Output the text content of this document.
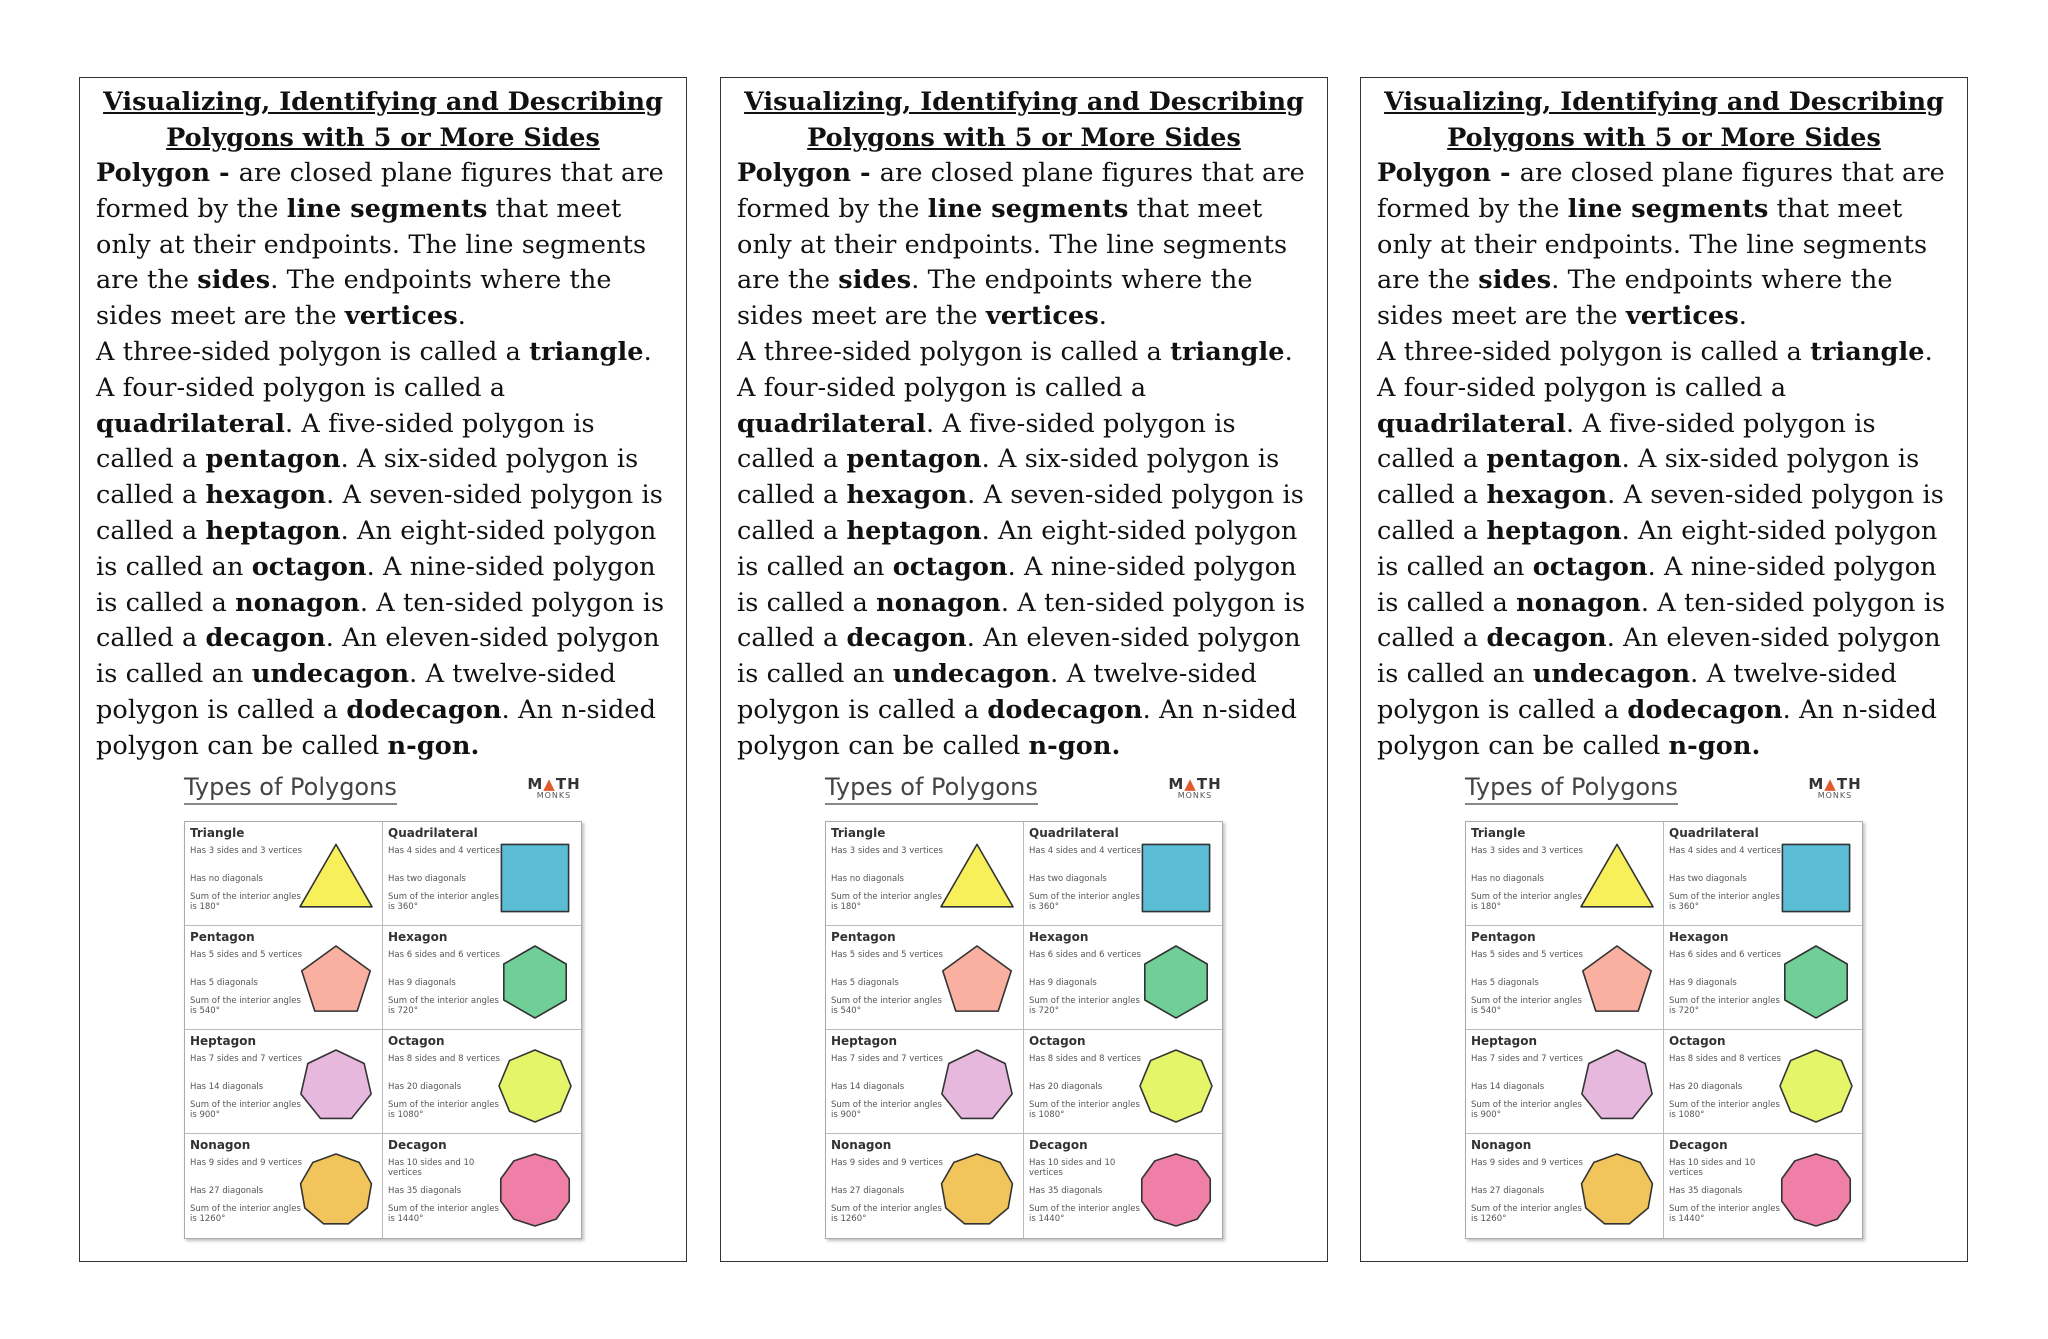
Visualizing, Identifying and Describing
Polygons with 5 or More Sides
Polygon - are closed plane figures that are formed by the line segments that meet only at their endpoints. The line segments are the sides. The endpoints where the sides meet are the vertices.
A three-sided polygon is called a triangle. A four-sided polygon is called a quadrilateral. A five-sided polygon is called a pentagon. A six-sided polygon is called a hexagon. A seven-sided polygon is called a heptagon. An eight-sided polygon is called an octagon. A nine-sided polygon is called a nonagon. A ten-sided polygon is called a decagon. An eleven-sided polygon is called an undecagon. A twelve-sided polygon is called a dodecagon. An n-sided polygon can be called n-gon.
Types of Polygons	M▲TH
MONKS
Triangle
Has 3 sides and 3 vertices
Has no diagonals
Sum of the interior angles is 180°
Quadrilateral
Has 4 sides and 4 vertices
Has two diagonals
Sum of the interior angles is 360°
Pentagon
Has 5 sides and 5 vertices
Has 5 diagonals
Sum of the interior angles is 540°
Hexagon
Has 6 sides and 6 vertices
Has 9 diagonals
Sum of the interior angles is 720°
Heptagon
Has 7 sides and 7 vertices
Has 14 diagonals
Sum of the interior angles is 900°
Octagon
Has 8 sides and 8 vertices
Has 20 diagonals
Sum of the interior angles is 1080°
Nonagon
Has 9 sides and 9 vertices
Has 27 diagonals
Sum of the interior angles is 1260°
Decagon
Has 10 sides and 10 vertices
Has 35 diagonals
Sum of the interior angles is 1440°
Visualizing, Identifying and Describing
Polygons with 5 or More Sides
Polygon - are closed plane figures that are formed by the line segments that meet only at their endpoints. The line segments are the sides. The endpoints where the sides meet are the vertices.
A three-sided polygon is called a triangle. A four-sided polygon is called a quadrilateral. A five-sided polygon is called a pentagon. A six-sided polygon is called a hexagon. A seven-sided polygon is called a heptagon. An eight-sided polygon is called an octagon. A nine-sided polygon is called a nonagon. A ten-sided polygon is called a decagon. An eleven-sided polygon is called an undecagon. A twelve-sided polygon is called a dodecagon. An n-sided polygon can be called n-gon.
Types of Polygons	M▲TH
MONKS
Triangle
Has 3 sides and 3 vertices
Has no diagonals
Sum of the interior angles is 180°
Quadrilateral
Has 4 sides and 4 vertices
Has two diagonals
Sum of the interior angles is 360°
Pentagon
Has 5 sides and 5 vertices
Has 5 diagonals
Sum of the interior angles is 540°
Hexagon
Has 6 sides and 6 vertices
Has 9 diagonals
Sum of the interior angles is 720°
Heptagon
Has 7 sides and 7 vertices
Has 14 diagonals
Sum of the interior angles is 900°
Octagon
Has 8 sides and 8 vertices
Has 20 diagonals
Sum of the interior angles is 1080°
Nonagon
Has 9 sides and 9 vertices
Has 27 diagonals
Sum of the interior angles is 1260°
Decagon
Has 10 sides and 10 vertices
Has 35 diagonals
Sum of the interior angles is 1440°
Visualizing, Identifying and Describing
Polygons with 5 or More Sides
Polygon - are closed plane figures that are formed by the line segments that meet only at their endpoints. The line segments are the sides. The endpoints where the sides meet are the vertices.
A three-sided polygon is called a triangle. A four-sided polygon is called a quadrilateral. A five-sided polygon is called a pentagon. A six-sided polygon is called a hexagon. A seven-sided polygon is called a heptagon. An eight-sided polygon is called an octagon. A nine-sided polygon is called a nonagon. A ten-sided polygon is called a decagon. An eleven-sided polygon is called an undecagon. A twelve-sided polygon is called a dodecagon. An n-sided polygon can be called n-gon.
Types of Polygons	M▲TH
MONKS
Triangle
Has 3 sides and 3 vertices
Has no diagonals
Sum of the interior angles is 180°
Quadrilateral
Has 4 sides and 4 vertices
Has two diagonals
Sum of the interior angles is 360°
Pentagon
Has 5 sides and 5 vertices
Has 5 diagonals
Sum of the interior angles is 540°
Hexagon
Has 6 sides and 6 vertices
Has 9 diagonals
Sum of the interior angles is 720°
Heptagon
Has 7 sides and 7 vertices
Has 14 diagonals
Sum of the interior angles is 900°
Octagon
Has 8 sides and 8 vertices
Has 20 diagonals
Sum of the interior angles is 1080°
Nonagon
Has 9 sides and 9 vertices
Has 27 diagonals
Sum of the interior angles is 1260°
Decagon
Has 10 sides and 10 vertices
Has 35 diagonals
Sum of the interior angles is 1440°
